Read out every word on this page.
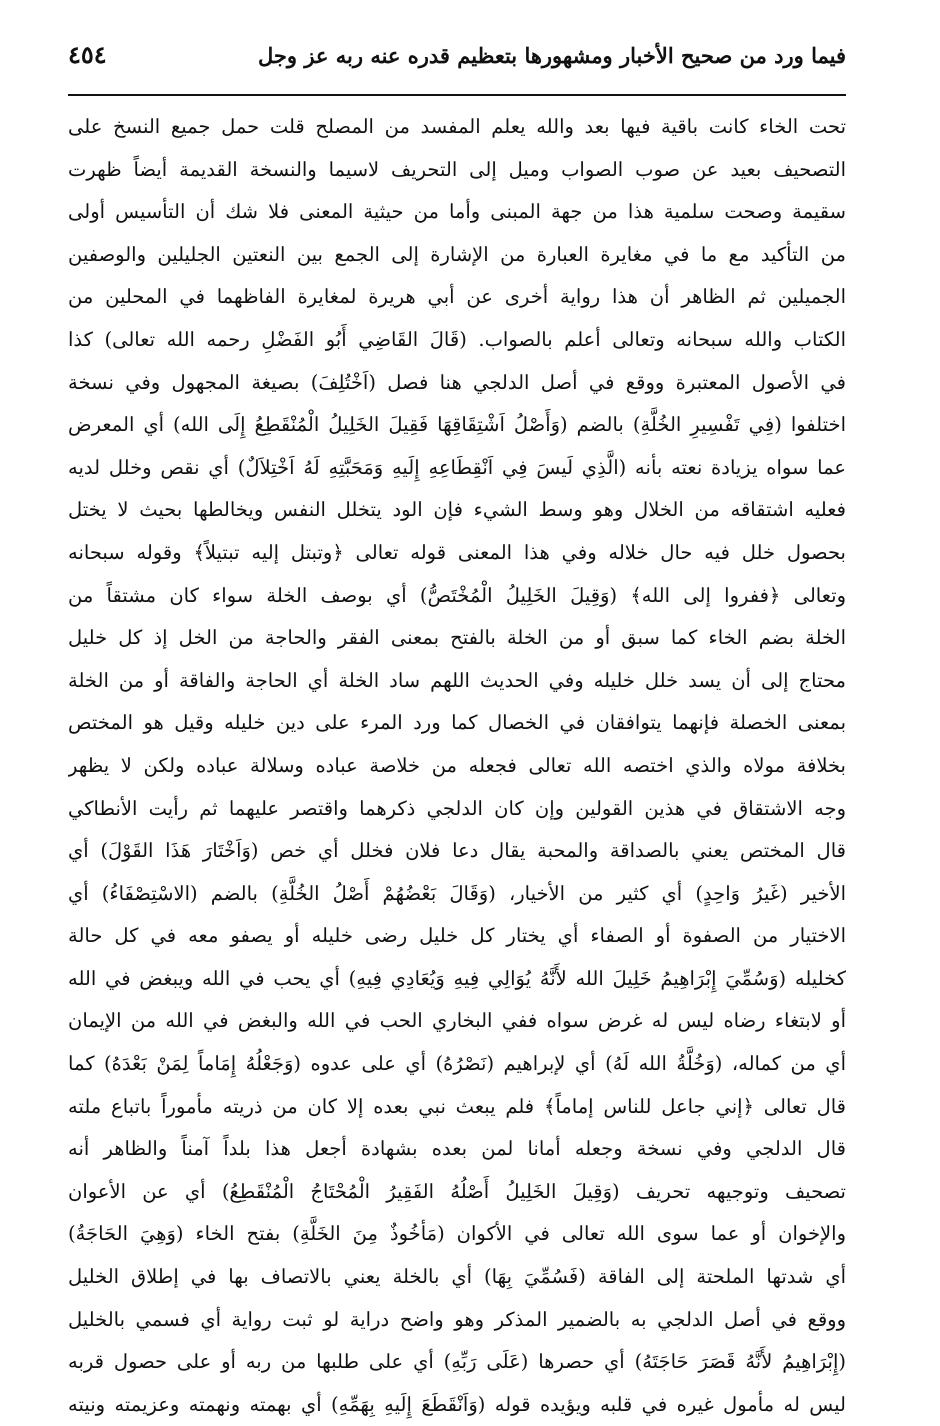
فيما ورد من صحيح الأخبار ومشهورها بتعظيم قدره عنه ربه عز وجل
٤٥٤
تحت الخاء كانت باقية فيها بعد والله يعلم المفسد من المصلح قلت حمل جميع النسخ على
التصحيف بعيد عن صوب الصواب وميل إلى التحريف لاسيما والنسخة القديمة أيضاً ظهرت
سقيمة وصحت سلمية هذا من جهة المبنى وأما من حيثية المعنى فلا شك أن التأسيس أولى
من التأكيد مع ما في مغايرة العبارة من الإشارة إلى الجمع بين النعتين الجليلين والوصفين
الجميلين ثم الظاهر أن هذا رواية أخرى عن أبي هريرة لمغايرة الفاظهما في المحلين من
الكتاب والله سبحانه وتعالى أعلم بالصواب. (قَالَ القَاضِي أَبُو الفَضْلِ رحمه الله تعالى) كذا
في الأصول المعتبرة ووقع في أصل الدلجي هنا فصل (اَخْتُلِفَ) بصيغة المجهول وفي نسخة
اختلفوا (فِي تَفْسِيرِ الخُلَّةِ) بالضم (وَأَصْلُ اَشْتِقَاقِهَا فَقِيلَ الخَلِيلُ الْمُنْقَطِعُ إِلَى الله) أي المعرض
عما سواه يزيادة نعته بأنه (الَّذِي لَيسَ فِي اَنْقِطَاعِهِ إِلَيهِ وَمَحَبَّتِهِ لَهُ اَخْتِلاَلٌ) أي نقص وخلل لديه
فعليه اشتقاقه من الخلال وهو وسط الشيء فإن الود يتخلل النفس ويخالطها بحيث لا يختل
بحصول خلل فيه حال خلاله وفي هذا المعنى قوله تعالى ﴿وتبتل إليه تبتيلاً﴾ وقوله سبحانه
وتعالى ﴿ففروا إلى الله﴾ (وَقِيلَ الخَلِيلُ الْمُخْتَصُّ) أي بوصف الخلة سواء كان مشتقاً من
الخلة بضم الخاء كما سبق أو من الخلة بالفتح بمعنى الفقر والحاجة من الخل إذ كل خليل
محتاج إلى أن يسد خلل خليله وفي الحديث اللهم ساد الخلة أي الحاجة والفاقة أو من الخلة
بمعنى الخصلة فإنهما يتوافقان في الخصال كما ورد المرء على دين خليله وقيل هو المختص
بخلافة مولاه والذي اختصه الله تعالى فجعله من خلاصة عباده وسلالة عباده ولكن لا يظهر
وجه الاشتقاق في هذين القولين وإن كان الدلجي ذكرهما واقتصر عليهما ثم رأيت الأنطاكي
قال المختص يعني بالصداقة والمحبة يقال دعا فلان فخلل أي خص (وَاَخْتَارَ هَذَا القَوْلَ) أي
الأخير (غَيرُ وَاحِدٍ) أي كثير من الأخيار، (وَقَالَ بَعْضُهُمْ أَصْلُ الخُلَّةِ) بالضم (الاسْتِصْفَاءُ) أي
الاختيار من الصفوة أو الصفاء أي يختار كل خليل رضى خليله أو يصفو معه في كل حالة
كخليله (وَسُمِّيَ إِبْرَاهِيمُ خَلِيلَ الله لأَنَّهُ يُوَالِي فِيهِ وَيُعَادِي فِيهِ) أي يحب في الله ويبغض في الله
أو لابتغاء رضاه ليس له غرض سواه ففي البخاري الحب في الله والبغض في الله من الإيمان
أي من كماله، (وَخُلَّةُ الله لَهُ) أي لإبراهيم (نَصْرُهُ) أي على عدوه (وَجَعْلُهُ إِمَاماً لِمَنْ بَعْدَهُ) كما
قال تعالى ﴿إني جاعل للناس إماماً﴾ فلم يبعث نبي بعده إلا كان من ذريته مأموراً باتباع ملته
قال الدلجي وفي نسخة وجعله أمانا لمن بعده بشهادة أجعل هذا بلداً آمناً والظاهر أنه
تصحيف وتوجيهه تحريف (وَقِيلَ الخَلِيلُ أَصْلُهُ الفَقِيرُ الْمُحْتَاجُ الْمُنْقَطِعُ) أي عن الأعوان
والإخوان أو عما سوى الله تعالى في الأكوان (مَأخُوذٌ مِنَ الخَلَّةِ) بفتح الخاء (وَهِيَ الحَاجَةُ)
أي شدتها الملحتة إلى الفاقة (فَسُمِّيَ بِهَا) أي بالخلة يعني بالاتصاف بها في إطلاق الخليل
ووقع في أصل الدلجي به بالضمير المذكر وهو واضح دراية لو ثبت رواية أي فسمي بالخليل
(إِبْرَاهِيمُ لأَنَّهُ قَصَرَ حَاجَتَهُ) أي حصرها (عَلَى رَبِّهِ) أي على طلبها من ربه أو على حصول قربه
ليس له مأمول غيره في قلبه ويؤيده قوله (وَاَنْقَطَعَ إِلَيهِ بِهَمِّهِ) أي بهمته ونهمته وعزيمته ونيته
